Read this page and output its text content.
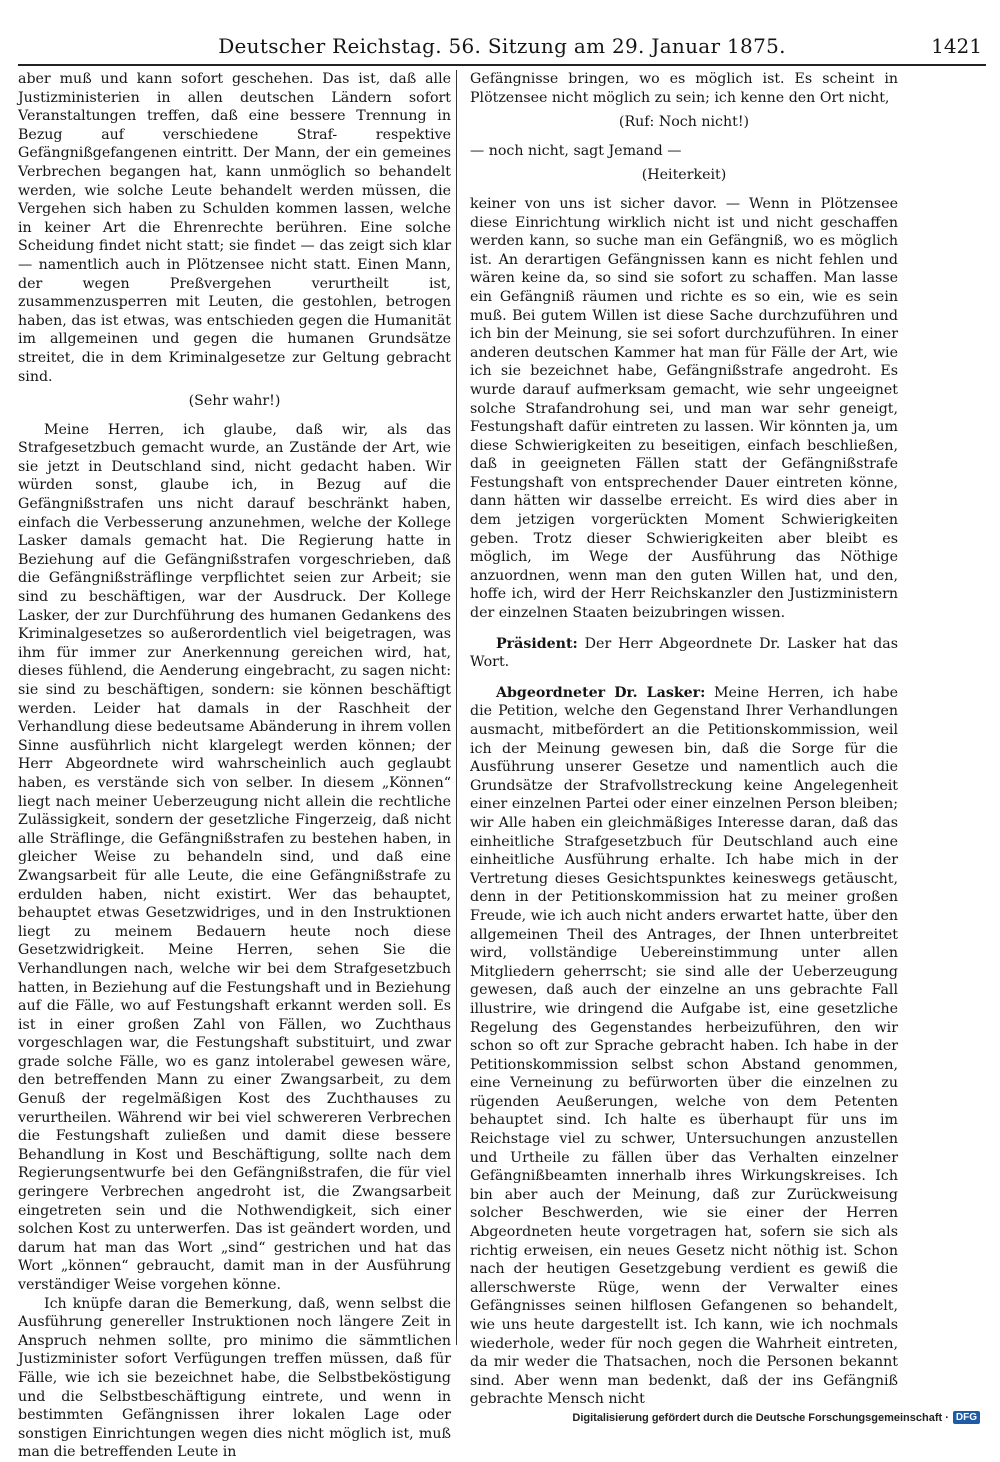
Deutscher Reichstag. 56. Sitzung am 29. Januar 1875.	1421

aber muß und kann sofort geschehen. Das ist, daß alle Justizministerien in allen deutschen Ländern sofort Veranstaltungen treffen, daß eine bessere Trennung in Bezug auf verschiedene Straf- respektive Gefängnißgefangenen eintritt. Der Mann, der ein gemeines Verbrechen begangen hat, kann unmöglich so behandelt werden, wie solche Leute behandelt werden müssen, die Vergehen sich haben zu Schulden kommen lassen, welche in keiner Art die Ehrenrechte berühren. Eine solche Scheidung findet nicht statt; sie findet — das zeigt sich klar — namentlich auch in Plötzensee nicht statt. Einen Mann, der wegen Preßvergehen verurtheilt ist, zusammenzusperren mit Leuten, die gestohlen, betrogen haben, das ist etwas, was entschieden gegen die Humanität im allgemeinen und gegen die humanen Grundsätze streitet, die in dem Kriminalgesetze zur Geltung gebracht sind.

(Sehr wahr!)

Meine Herren, ich glaube, daß wir, als das Strafgesetzbuch gemacht wurde, an Zustände der Art, wie sie jetzt in Deutschland sind, nicht gedacht haben. Wir würden sonst, glaube ich, in Bezug auf die Gefängnißstrafen uns nicht darauf beschränkt haben, einfach die Verbesserung anzunehmen, welche der Kollege Lasker damals gemacht hat. Die Regierung hatte in Beziehung auf die Gefängnißstrafen vorgeschrieben, daß die Gefängnißsträflinge verpflichtet seien zur Arbeit; sie sind zu beschäftigen, war der Ausdruck. Der Kollege Lasker, der zur Durchführung des humanen Gedankens des Kriminalgesetzes so außerordentlich viel beigetragen, was ihm für immer zur Anerkennung gereichen wird, hat, dieses fühlend, die Aenderung eingebracht, zu sagen nicht: sie sind zu beschäftigen, sondern: sie können beschäftigt werden. Leider hat damals in der Raschheit der Verhandlung diese bedeutsame Abänderung in ihrem vollen Sinne ausführlich nicht klargelegt werden können; der Herr Abgeordnete wird wahrscheinlich auch geglaubt haben, es verstände sich von selber. In diesem „Können“ liegt nach meiner Ueberzeugung nicht allein die rechtliche Zulässigkeit, sondern der gesetzliche Fingerzeig, daß nicht alle Sträflinge, die Gefängnißstrafen zu bestehen haben, in gleicher Weise zu behandeln sind, und daß eine Zwangsarbeit für alle Leute, die eine Gefängnißstrafe zu erdulden haben, nicht existirt. Wer das behauptet, behauptet etwas Gesetzwidriges, und in den Instruktionen liegt zu meinem Bedauern heute noch diese Gesetzwidrigkeit. Meine Herren, sehen Sie die Verhandlungen nach, welche wir bei dem Strafgesetzbuch hatten, in Beziehung auf die Festungshaft und in Beziehung auf die Fälle, wo auf Festungshaft erkannt werden soll. Es ist in einer großen Zahl von Fällen, wo Zuchthaus vorgeschlagen war, die Festungshaft substituirt, und zwar grade solche Fälle, wo es ganz intolerabel gewesen wäre, den betreffenden Mann zu einer Zwangsarbeit, zu dem Genuß der regelmäßigen Kost des Zuchthauses zu verurtheilen. Während wir bei viel schwereren Verbrechen die Festungshaft zuließen und damit diese bessere Behandlung in Kost und Beschäftigung, sollte nach dem Regierungsentwurfe bei den Gefängnißstrafen, die für viel geringere Verbrechen angedroht ist, die Zwangsarbeit eingetreten sein und die Nothwendigkeit, sich einer solchen Kost zu unterwerfen. Das ist geändert worden, und darum hat man das Wort „sind“ gestrichen und hat das Wort „können“ gebraucht, damit man in der Ausführung verständiger Weise vorgehen könne.

Ich knüpfe daran die Bemerkung, daß, wenn selbst die Ausführung genereller Instruktionen noch längere Zeit in Anspruch nehmen sollte, pro minimo die sämmtlichen Justizminister sofort Verfügungen treffen müssen, daß für Fälle, wie ich sie bezeichnet habe, die Selbstbeköstigung und die Selbstbeschäftigung eintrete, und wenn in bestimmten Gefängnissen ihrer lokalen Lage oder sonstigen Einrichtungen wegen dies nicht möglich ist, muß man die betreffenden Leute in

Gefängnisse bringen, wo es möglich ist. Es scheint in Plötzensee nicht möglich zu sein; ich kenne den Ort nicht,

(Ruf: Noch nicht!)

— noch nicht, sagt Jemand —

(Heiterkeit)

keiner von uns ist sicher davor. — Wenn in Plötzensee diese Einrichtung wirklich nicht ist und nicht geschaffen werden kann, so suche man ein Gefängniß, wo es möglich ist. An derartigen Gefängnissen kann es nicht fehlen und wären keine da, so sind sie sofort zu schaffen. Man lasse ein Gefängniß räumen und richte es so ein, wie es sein muß. Bei gutem Willen ist diese Sache durchzuführen und ich bin der Meinung, sie sei sofort durchzuführen. In einer anderen deutschen Kammer hat man für Fälle der Art, wie ich sie bezeichnet habe, Gefängnißstrafe angedroht. Es wurde darauf aufmerksam gemacht, wie sehr ungeeignet solche Strafandrohung sei, und man war sehr geneigt, Festungshaft dafür eintreten zu lassen. Wir könnten ja, um diese Schwierigkeiten zu beseitigen, einfach beschließen, daß in geeigneten Fällen statt der Gefängnißstrafe Festungshaft von entsprechender Dauer eintreten könne, dann hätten wir dasselbe erreicht. Es wird dies aber in dem jetzigen vorgerückten Moment Schwierigkeiten geben. Trotz dieser Schwierigkeiten aber bleibt es möglich, im Wege der Ausführung das Nöthige anzuordnen, wenn man den guten Willen hat, und den, hoffe ich, wird der Herr Reichskanzler den Justizministern der einzelnen Staaten beizubringen wissen.

Präsident: Der Herr Abgeordnete Dr. Lasker hat das Wort.

Abgeordneter Dr. Lasker: Meine Herren, ich habe die Petition, welche den Gegenstand Ihrer Verhandlungen ausmacht, mitbefördert an die Petitionskommission, weil ich der Meinung gewesen bin, daß die Sorge für die Ausführung unserer Gesetze und namentlich auch die Grundsätze der Strafvollstreckung keine Angelegenheit einer einzelnen Partei oder einer einzelnen Person bleiben; wir Alle haben ein gleichmäßiges Interesse daran, daß das einheitliche Strafgesetzbuch für Deutschland auch eine einheitliche Ausführung erhalte. Ich habe mich in der Vertretung dieses Gesichtspunktes keineswegs getäuscht, denn in der Petitionskommission hat zu meiner großen Freude, wie ich auch nicht anders erwartet hatte, über den allgemeinen Theil des Antrages, der Ihnen unterbreitet wird, vollständige Uebereinstimmung unter allen Mitgliedern geherrscht; sie sind alle der Ueberzeugung gewesen, daß auch der einzelne an uns gebrachte Fall illustrire, wie dringend die Aufgabe ist, eine gesetzliche Regelung des Gegenstandes herbeizuführen, den wir schon so oft zur Sprache gebracht haben. Ich habe in der Petitionskommission selbst schon Abstand genommen, eine Verneinung zu befürworten über die einzelnen zu rügenden Aeußerungen, welche von dem Petenten behauptet sind. Ich halte es überhaupt für uns im Reichstage viel zu schwer, Untersuchungen anzustellen und Urtheile zu fällen über das Verhalten einzelner Gefängnißbeamten innerhalb ihres Wirkungskreises. Ich bin aber auch der Meinung, daß zur Zurückweisung solcher Beschwerden, wie sie einer der Herren Abgeordneten heute vorgetragen hat, sofern sie sich als richtig erweisen, ein neues Gesetz nicht nöthig ist. Schon nach der heutigen Gesetzgebung verdient es gewiß die allerschwerste Rüge, wenn der Verwalter eines Gefängnisses seinen hilflosen Gefangenen so behandelt, wie uns heute dargestellt ist. Ich kann, wie ich nochmals wiederhole, weder für noch gegen die Wahrheit eintreten, da mir weder die Thatsachen, noch die Personen bekannt sind. Aber wenn man bedenkt, daß der ins Gefängniß gebrachte Mensch nicht

Digitalisierung gefördert durch die Deutsche Forschungsgemeinschaft · DFG
